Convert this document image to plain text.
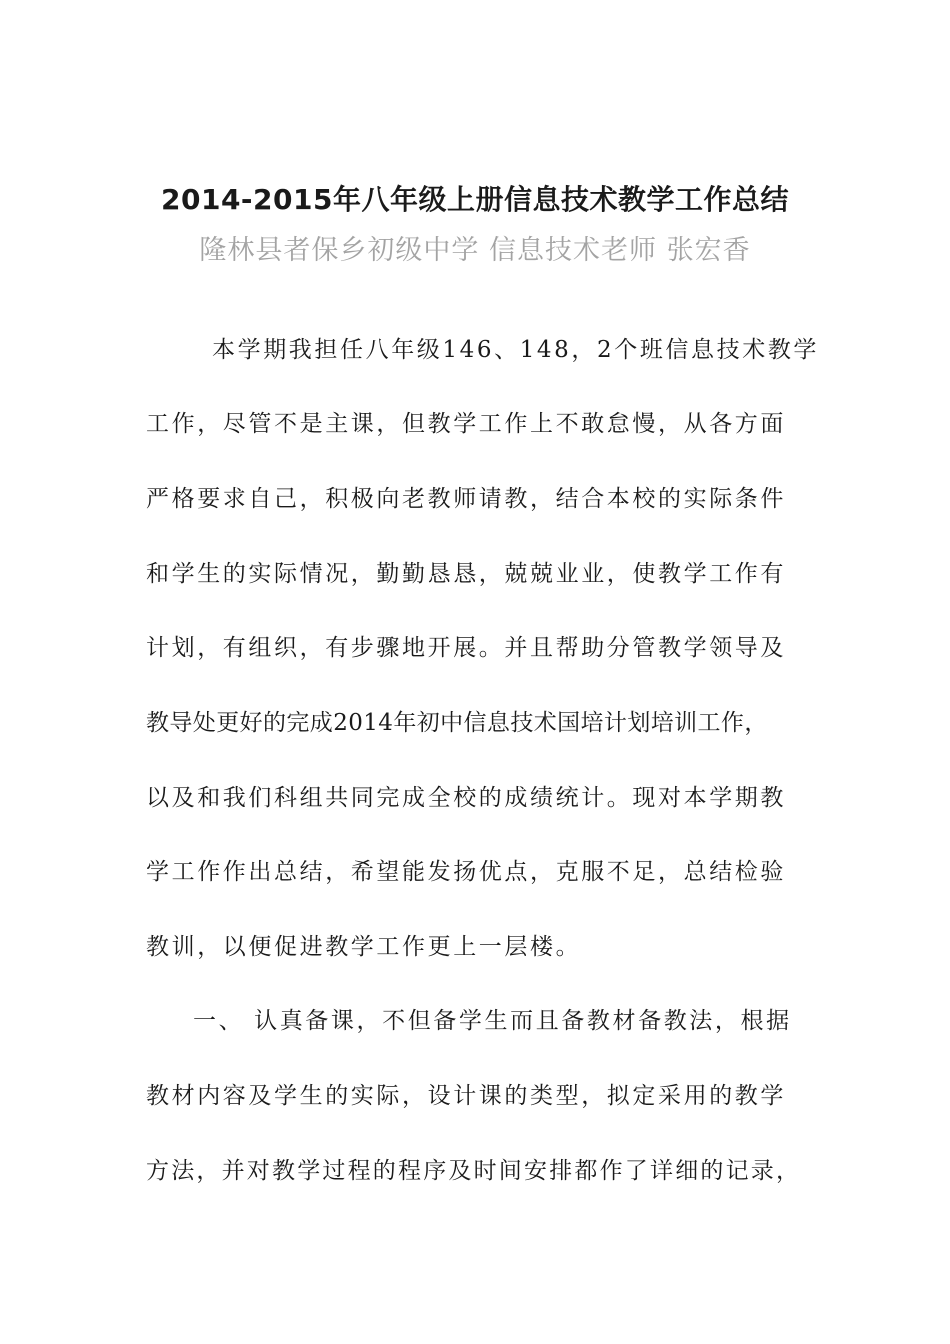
2014-2015年八年级上册信息技术教学工作总结
隆林县者保乡初级中学 信息技术老师 张宏香
本学期我担任八年级146、148，2个班信息技术教学
工作，尽管不是主课，但教学工作上不敢怠慢，从各方面
严格要求自己，积极向老教师请教，结合本校的实际条件
和学生的实际情况，勤勤恳恳，兢兢业业，使教学工作有
计划，有组织，有步骤地开展。并且帮助分管教学领导及
教导处更好的完成2014年初中信息技术国培计划培训工作，
以及和我们科组共同完成全校的成绩统计。现对本学期教
学工作作出总结，希望能发扬优点，克服不足，总结检验
教训，以便促进教学工作更上一层楼。
一、 认真备课，不但备学生而且备教材备教法，根据
教材内容及学生的实际，设计课的类型，拟定采用的教学
方法，并对教学过程的程序及时间安排都作了详细的记录，
